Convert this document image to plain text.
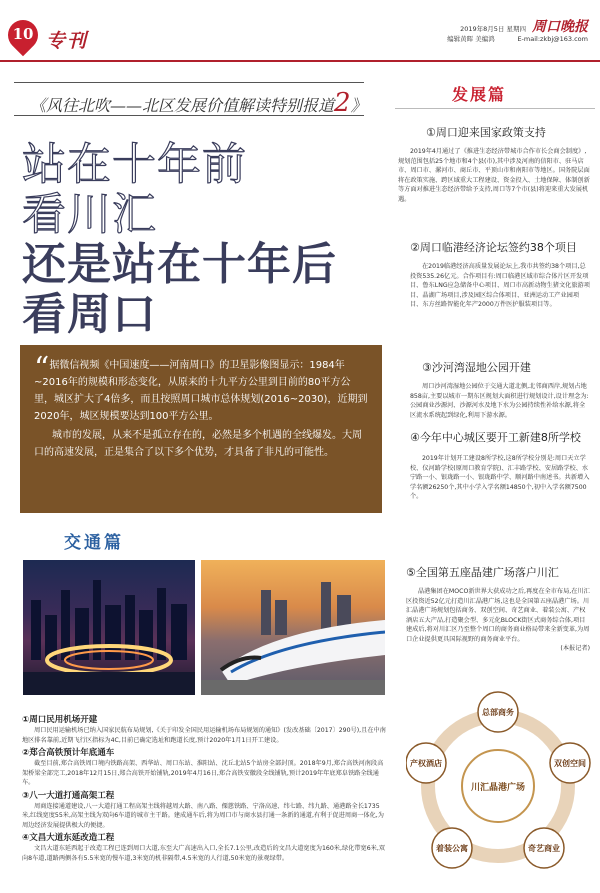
10 专刊
2019年8月5日 星期四 周口晚报
编辑黄晖 美编鸿	E-mail:zkbj@163.com
《风往北吹——北区发展价值解读特别报道2》
站在十年前
看川汇
还是站在十年后
看周口
“据微信视频《中国速度——河南周口》的卫星影像图显示：1984年~2016年的规模和形态变化，从原来的十九平方公里到目前的80平方公里，城区扩大了4倍多，而且按照周口城市总体规划(2016~2030)，近期到2020年，城区规模要达到100平方公里。
城市的发展，从来不是孤立存在的，必然是多个机遇的全线爆发。大周口的高速发展，正是集合了以下多个优势，才具备了非凡的可能性。
交通篇
①周口民用机场开建
周口民用运输机场已纳入国家民航布局规划,《关于印发全国民用运输机场布局规划的通知》(发改基础〔2017〕290号),且在中南地区排名靠前,近期飞行区指标为4C,目前已确定选址和跑道长度,预计2020年1月1日开工建设。
②郑合高铁预计年底通车
截至目前,郑合高铁周口境内铁路高架、西华站、周口东站、淮阳站、沈丘北站5个站房全部封顶。2018年9月,郑合高铁河南段高架桥梁全部完工,2018年12月15日,郑合高铁开始铺轨,2019年4月16日,郑合高铁安徽段全线铺轨,预计2019年年底郑阜铁路全线通车。
③八一大道打通高架工程
周商连接通道建设,八一大道打通工程高架主线将越周大路、南八路、傈慈铁路、宁洛高速、纬七路、纬九路、通港路全长1735米,红线宽度55米,高架主线为双向6车道的城市主干路。建成通车后,将为周口市与商水县打通一条新的通道,有利于促进周商一体化,为周边经济发展提供极大的便捷。
④文昌大道东延改造工程
文昌大道东延西起于改造工程已连到周口大道,东至大广高速出入口,全长7.1公里,改造后的文昌大道宽度为160米,绿化带宽6米,双向8车道,道路两侧各有5.5米宽的慢车道,3米宽的机非隔带,4.5米宽的人行道,50米宽的景观绿带。
发展篇
①周口迎来国家政策支持
2019年4月通过了《推进生态经济带城市合作市长会商会制度》,规划范围包括25个地市和4个县(市),其中涉及河南的信阳市、驻马店市、周口市、漯河市、商丘市、平顶山市和南阳市等地区。国务院层面将在政策实施、跨区域重大工程建设、资金投入、土地保障、体制创新等方面对推进生态经济带给予支持,周口等7个市(县)将迎来重大发展机遇。
②周口临港经济论坛签约38个项目
在2019临港经济高质量发展论坛上,我市共签约38个项目,总投资535.26亿元。合作项目有:周口临港区域市综合体片区开发项目、鲁东LNG应急储备中心项目、周口市高新动物生猪文化旅游项目、晶湖广场项目,涉及园区综合体项目、亚洲运动工产业园项目、东方丝路智能化年产2000万件医护服装项目等。
③沙河湾湿地公园开建
周口沙河湾湿地公园位于交通大道北侧,北邻商西岸,规划占地858亩,主要以城市一期东区规划大面积进行规划设计,设计理念为:公园商业沙源河、沙源河水及地下水为公园持续性补给水源,将全区流水系统起到绿化,利用下游水源。
④今年中心城区要开工新建8所学校
2019年计划开工建设8所学校,这8所学校分别是:周口天立学校、仪河路学校(原周口教育学院)、汇丰路学校、安居路学校、水宁路一小、银珑路一小、银珑路中学、顺河路中南述书。共新增入学名额26250个,其中小学入学名额14850个,初中入学名额7500个。
⑤全国第五座晶建广场落户川汇
晶港集团在MOCO新世界大获成功之后,再度在全市布局,在川汇区投资近52亿元打造川汇晶港广场,这也是全国第五座晶港广场。川汇晶港广场规划包括商务、双创空间、奇艺商业、着装公寓、产权酒店五大产品,打造聚会型、多元化BLOCK街区式商务综合体,项目建成后,将对川汇区乃至整个周口的商务商业格局带来全新变革,为周口企业提供更具国际视野的商务商业平台。
(本报记者)
川汇晶港广场
总部商务
双创空间
奇艺商业
着装公寓
产权酒店
